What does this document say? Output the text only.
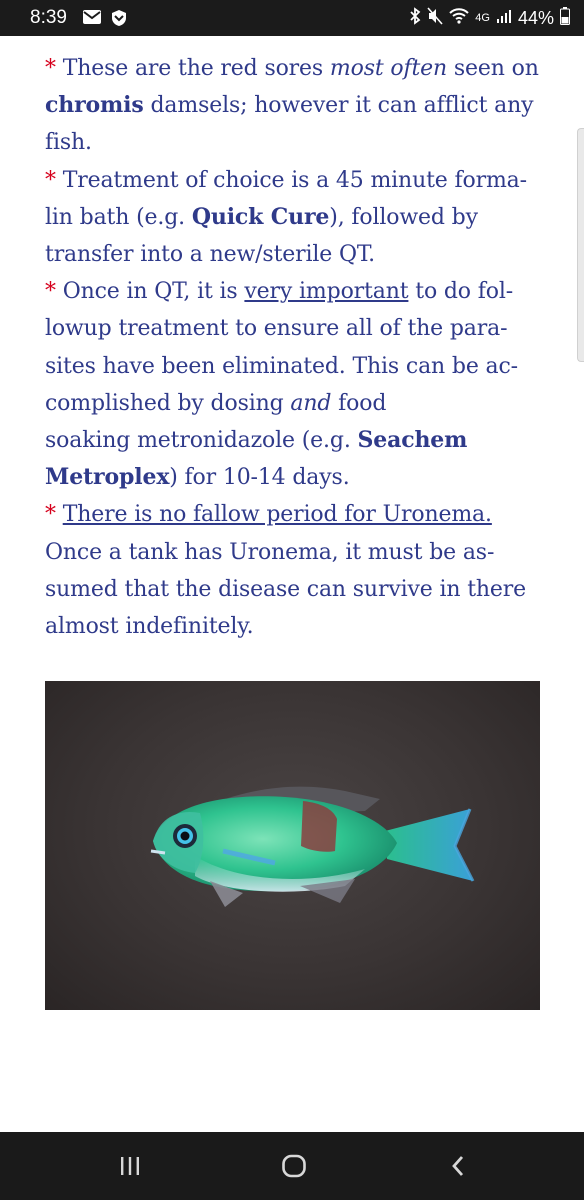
8:39	4G 44%
* These are the red sores most often seen on
chromis damsels; however it can afflict any
fish.
* Treatment of choice is a 45 minute forma-
lin bath (e.g. Quick Cure), followed by
transfer into a new/sterile QT.
* Once in QT, it is very important to do fol-
lowup treatment to ensure all of the para-
sites have been eliminated. This can be ac-
complished by dosing and food
soaking metronidazole (e.g. Seachem
Metroplex) for 10-14 days.
* There is no fallow period for Uronema.
Once a tank has Uronema, it must be as-
sumed that the disease can survive in there
almost indefinitely.
